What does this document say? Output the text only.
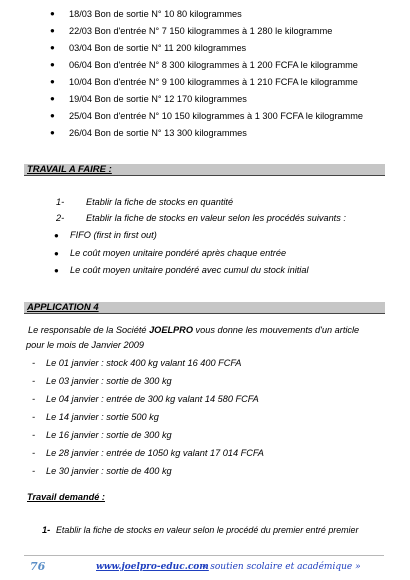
● 18/03 Bon de sortie N° 10 80 kilogrammes
● 22/03 Bon d'entrée N° 7 150 kilogrammes à 1 280 le kilogramme
● 03/04 Bon de sortie N° 11 200 kilogrammes
● 06/04 Bon d'entrée N° 8 300 kilogrammes à 1 200 FCFA le kilogramme
● 10/04 Bon d'entrée N° 9 100 kilogrammes à 1 210 FCFA le kilogramme
● 19/04 Bon de sortie N° 12 170 kilogrammes
● 25/04 Bon d'entrée N° 10 150 kilogrammes à 1 300 FCFA le kilogramme
● 26/04 Bon de sortie N° 13 300 kilogrammes
TRAVAIL A FAIRE :
1- Etablir la fiche de stocks en quantité
2- Etablir la fiche de stocks en valeur selon les procédés suivants :
● FIFO (first in first out)
● Le coût moyen unitaire pondéré après chaque entrée
● Le coût moyen unitaire pondéré avec cumul du stock initial
APPLICATION 4
Le responsable de la Société JOELPRO vous donne les mouvements d'un article
pour le mois de Janvier 2009
- Le 01 janvier : stock 400 kg valant 16 400 FCFA
- Le 03 janvier : sortie de 300 kg
- Le 04 janvier : entrée de 300 kg valant 14 580 FCFA
- Le 14 janvier : sortie 500 kg
- Le 16 janvier : sortie de 300 kg
- Le 28 janvier : entrée de 1050 kg valant 17 014 FCFA
- Le 30 janvier : sortie de 400 kg
Travail demandé :
1- Etablir la fiche de stocks en valeur selon le procédé du premier entré premier
76	www.joelpro-educ.com
: « soutien scolaire et académique »
